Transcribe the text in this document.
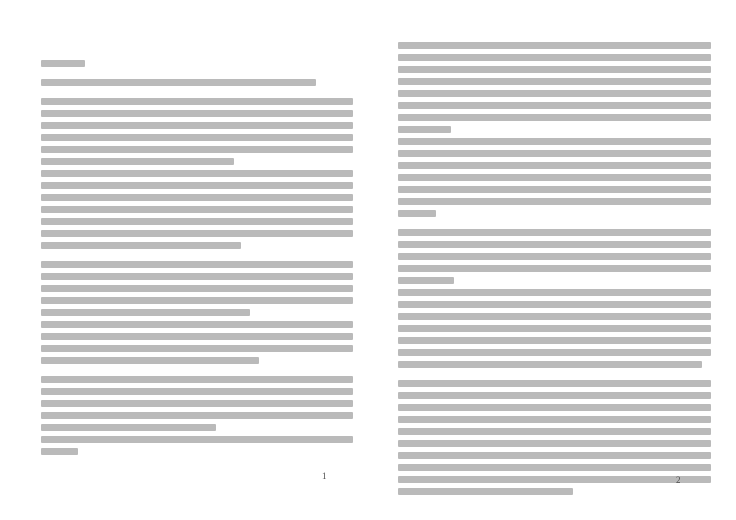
1	2
